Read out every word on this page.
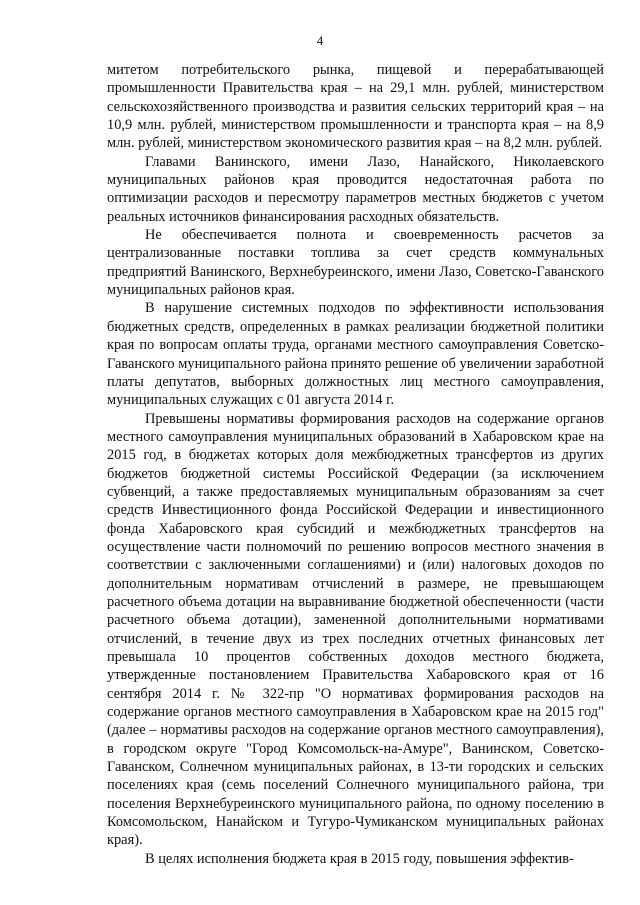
4

митетом потребительского рынка, пищевой и перерабатывающей промышленности Правительства края – на 29,1 млн. рублей, министерством сельскохозяйственного производства и развития сельских территорий края – на 10,9 млн. рублей, министерством промышленности и транспорта края – на 8,9 млн. рублей, министерством экономического развития края – на 8,2 млн. рублей.

Главами Ванинского, имени Лазо, Нанайского, Николаевского муниципальных районов края проводится недостаточная работа по оптимизации расходов и пересмотру параметров местных бюджетов с учетом реальных источников финансирования расходных обязательств.

Не обеспечивается полнота и своевременность расчетов за централизованные поставки топлива за счет средств коммунальных предприятий Ванинского, Верхнебуреинского, имени Лазо, Советско-Гаванского муниципальных районов края.

В нарушение системных подходов по эффективности использования бюджетных средств, определенных в рамках реализации бюджетной политики края по вопросам оплаты труда, органами местного самоуправления Советско-Гаванского муниципального района принято решение об увеличении заработной платы депутатов, выборных должностных лиц местного самоуправления, муниципальных служащих с 01 августа 2014 г.

Превышены нормативы формирования расходов на содержание органов местного самоуправления муниципальных образований в Хабаровском крае на 2015 год, в бюджетах которых доля межбюджетных трансфертов из других бюджетов бюджетной системы Российской Федерации (за исключением субвенций, а также предоставляемых муниципальным образованиям за счет средств Инвестиционного фонда Российской Федерации и инвестиционного фонда Хабаровского края субсидий и межбюджетных трансфертов на осуществление части полномочий по решению вопросов местного значения в соответствии с заключенными соглашениями) и (или) налоговых доходов по дополнительным нормативам отчислений в размере, не превышающем расчетного объема дотации на выравнивание бюджетной обеспеченности (части расчетного объема дотации), замененной дополнительными нормативами отчислений, в течение двух из трех последних отчетных финансовых лет превышала 10 процентов собственных доходов местного бюджета, утвержденные постановлением Правительства Хабаровского края от 16 сентября 2014 г. № 322-пр "О нормативах формирования расходов на содержание органов местного самоуправления в Хабаровском крае на 2015 год" (далее – нормативы расходов на содержание органов местного самоуправления), в городском округе "Город Комсомольск-на-Амуре", Ванинском, Советско-Гаванском, Солнечном муниципальных районах, в 13-ти городских и сельских поселениях края (семь поселений Солнечного муниципального района, три поселения Верхнебуреинского муниципального района, по одному поселению в Комсомольском, Нанайском и Тугуро-Чумиканском муниципальных районах края).

В целях исполнения бюджета края в 2015 году, повышения эффектив-
